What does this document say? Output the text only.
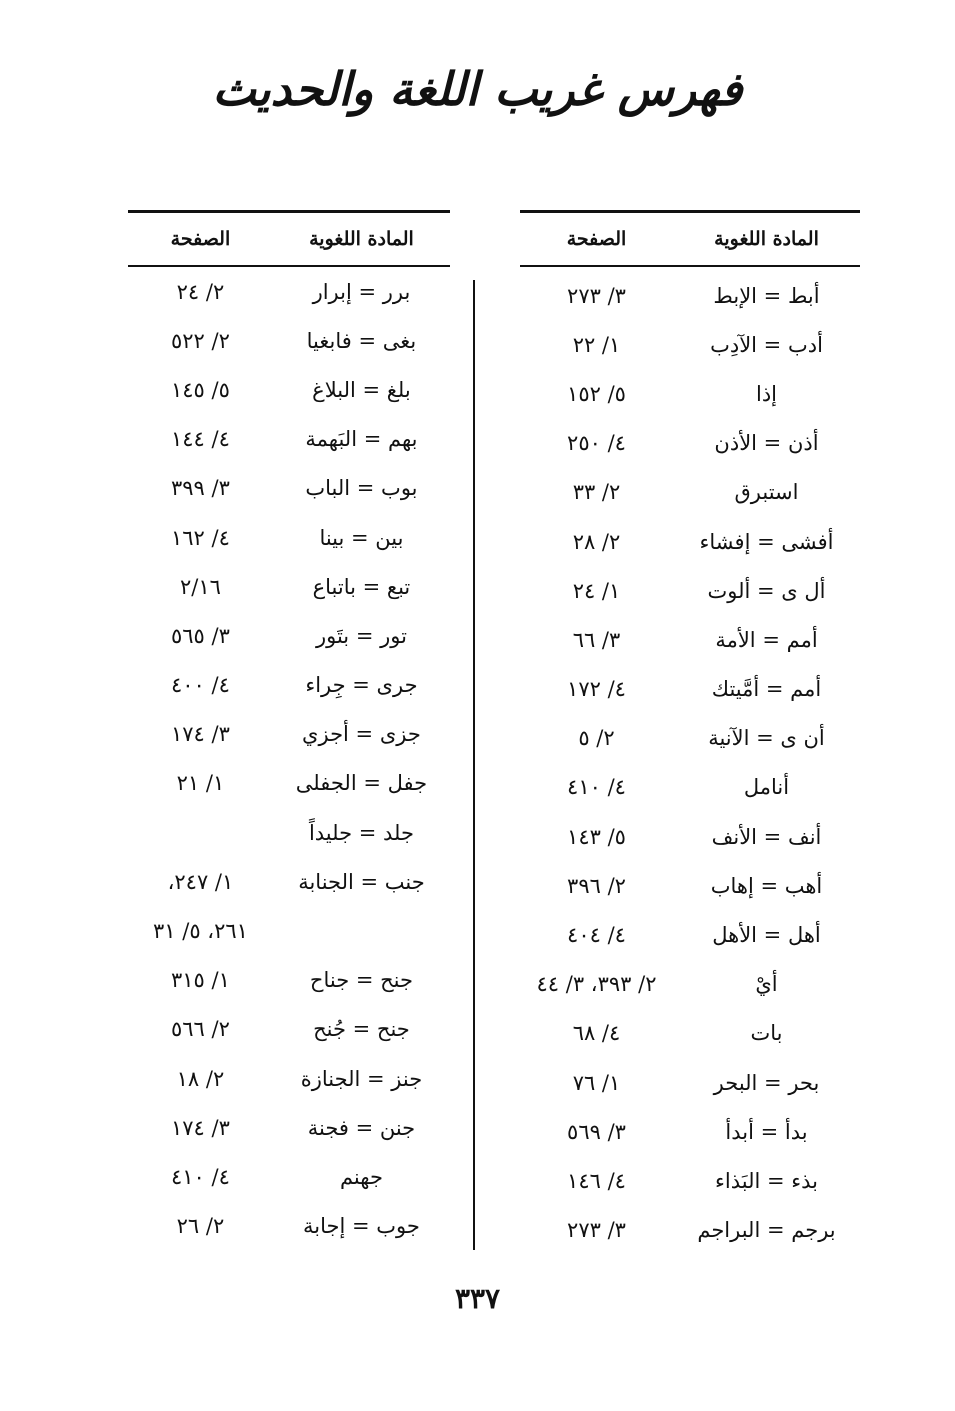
فهرس غريب اللغة والحديث
المادة اللغوية
الصفحة
أبط = الإبط
٣/ ٢٧٣
أدب = الآدِب
١/ ٢٢
إذا
٥/ ١٥٢
أذن = الأذن
٤/ ٢٥٠
استبرق
٢/ ٣٣
أفشى = إفشاء
٢/ ٢٨
أل ى = ألوت
١/ ٢٤
أمم = الأمة
٣/ ٦٦
أمم = أمَّيتك
٤/ ١٧٢
أن ى = الآنية
٢/ ٥
أنامل
٤/ ٤١٠
أنف = الأنف
٥/ ١٤٣
أهب = إهاب
٢/ ٣٩٦
أهل = الأهل
٤/ ٤٠٤
أيْ
٢/ ٣٩٣، ٣/ ٤٤
بات
٤/ ٦٨
بحر = البحر
١/ ٧٦
بدأ = أبدأ
٣/ ٥٦٩
بذء = البَذاء
٤/ ١٤٦
برجم = البراجم
٣/ ٢٧٣
المادة اللغوية
الصفحة
برر = إبرار
٢/ ٢٤
بغى = فابغيا
٢/ ٥٢٢
بلغ = البلاغ
٥/ ١٤٥
بهم = البَهمة
٤/ ١٤٤
بوب = الباب
٣/ ٣٩٩
بين = بينا
٤/ ١٦٢
تبع = باتباع
٢/١٦
تور = بتَور
٣/ ٥٦٥
جرى = جِراء
٤/ ٤٠٠
جزى = أجزي
٣/ ١٧٤
جفل = الجفلى
١/ ٢١
جلد = جليداً
جنب = الجنابة
١/ ٢٤٧،
٢٦١، ٥/ ٣١
جنح = جناح
١/ ٣١٥
جنح = جُنح
٢/ ٥٦٦
جنز = الجنازة
٢/ ١٨
جنن = فجنة
٣/ ١٧٤
جهنم
٤/ ٤١٠
جوب = إجابة
٢/ ٢٦
٣٣٧
